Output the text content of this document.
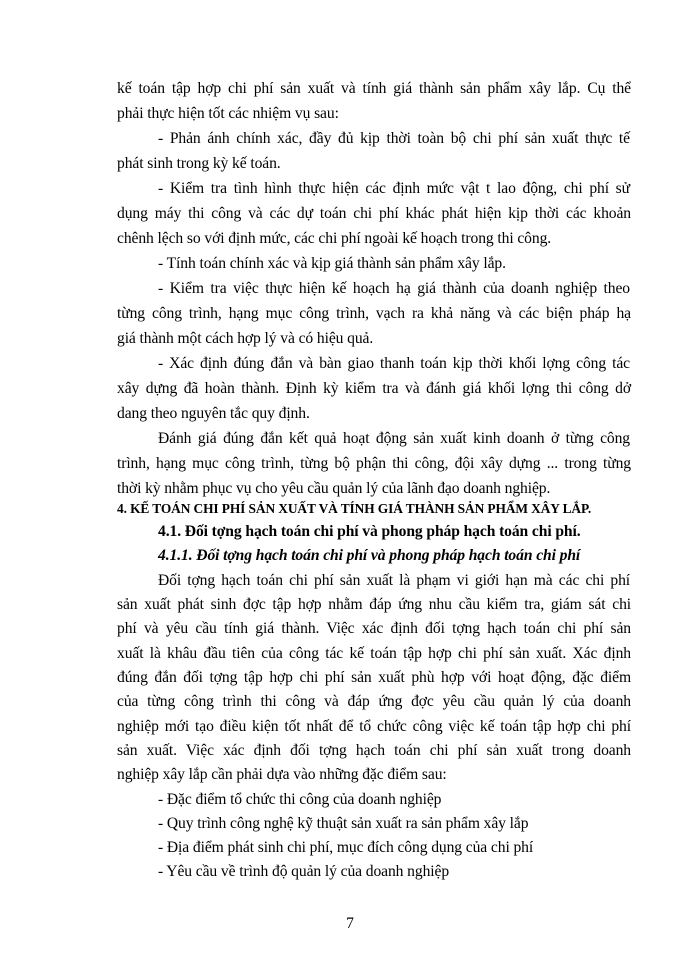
kế toán tập hợp chi phí sản xuất và tính giá thành sản phẩm xây lắp. Cụ thể
phải thực hiện tốt các nhiệm vụ sau:
- Phản ánh chính xác, đầy đủ kịp thời toàn bộ chi phí sản xuất thực tế
phát sinh trong kỳ kế toán.
- Kiểm tra tình hình thực hiện các định mức vật t lao động, chi phí sử
dụng máy thi công và các dự toán chi phí khác phát hiện kịp thời các khoản
chênh lệch so với định mức, các chi phí ngoài kế hoạch trong thi công.
- Tính toán chính xác và kịp giá thành sản phẩm xây lắp.
- Kiểm tra việc thực hiện kế hoạch hạ giá thành của doanh nghiệp theo
từng công trình, hạng mục công trình, vạch ra khả năng và các biện pháp hạ
giá thành một cách hợp lý và có hiệu quả.
- Xác định đúng đắn và bàn giao thanh toán kịp thời khối lợng công tác
xây dựng đã hoàn thành. Định kỳ kiểm tra và đánh giá khối lợng thi công dở
dang theo nguyên tắc quy định.
Đánh giá đúng đắn kết quả hoạt động sản xuất kinh doanh ở từng công
trình, hạng mục công trình, từng bộ phận thi công, đội xây dựng ... trong từng
thời kỳ nhằm phục vụ cho yêu cầu quản lý của lãnh đạo doanh nghiệp.
4. KẾ TOÁN CHI PHÍ SẢN XUẤT VÀ TÍNH GIÁ THÀNH SẢN PHẨM XÂY LẮP.
4.1. Đối tợng hạch toán chi phí và phong pháp hạch toán chi phí.
4.1.1. Đối tợng hạch toán chi phí và phong pháp hạch toán chi phí
Đối tợng hạch toán chi phí sản xuất là phạm vi giới hạn mà các chi phí
sản xuất phát sinh đợc tập hợp nhằm đáp ứng nhu cầu kiểm tra, giám sát chi
phí và yêu cầu tính giá thành. Việc xác định đối tợng hạch toán chi phí sản
xuất là khâu đầu tiên của công tác kế toán tập hợp chi phí sản xuất. Xác định
đúng đắn đối tợng tập hợp chi phí sản xuất phù hợp với hoạt động, đặc điểm
của từng công trình thi công và đáp ứng đợc yêu cầu quản lý của doanh
nghiệp mới tạo điều kiện tốt nhất để tổ chức công việc kế toán tập hợp chi phí
sản xuất. Việc xác định đối tợng hạch toán chi phí sản xuất trong doanh
nghiệp xây lắp cần phải dựa vào những đặc điểm sau:
- Đặc điểm tổ chức thi công của doanh nghiệp
- Quy trình công nghệ kỹ thuật sản xuất ra sản phẩm xây lắp
- Địa điểm phát sinh chi phí, mục đích công dụng của chi phí
- Yêu cầu về trình độ quản lý của doanh nghiệp
7
